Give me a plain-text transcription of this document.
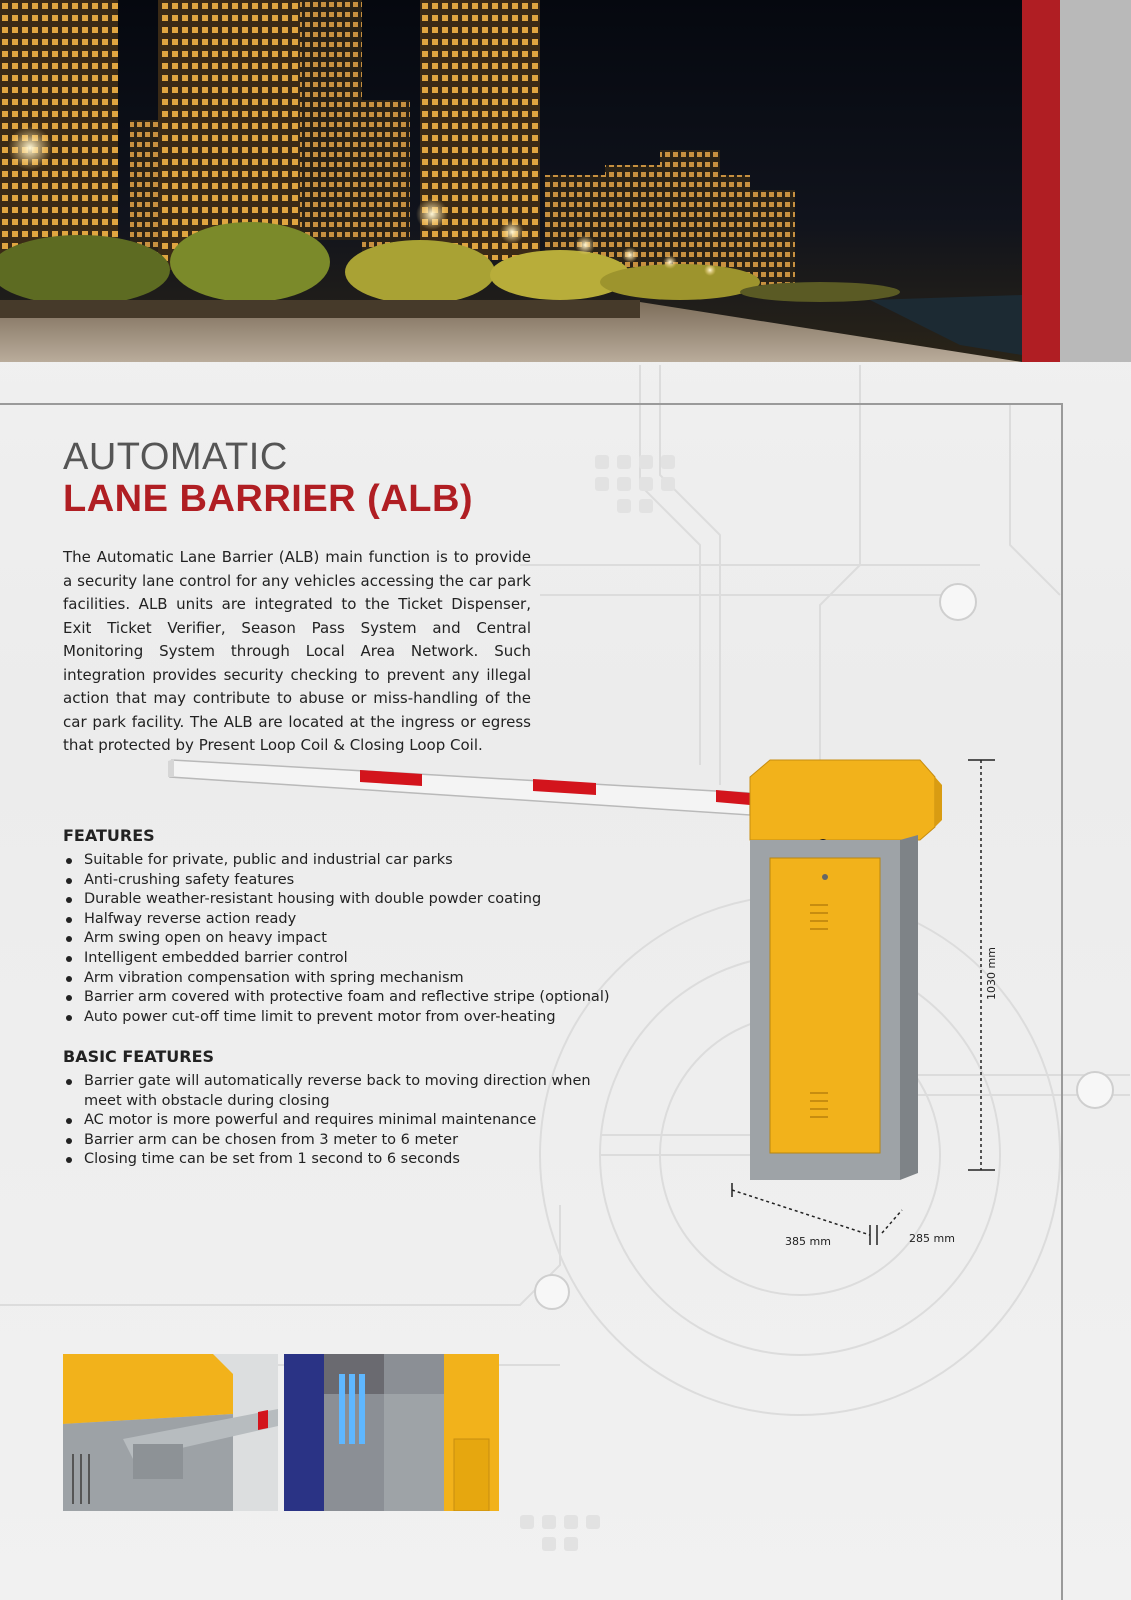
AUTOMATIC
LANE BARRIER (ALB)

The Automatic Lane Barrier (ALB) main function is to provide a security lane control for any vehicles accessing the car park facilities. ALB units are integrated to the Ticket Dispenser, Exit Ticket Verifier, Season Pass System and Central Monitoring System through Local Area Network. Such integration provides security checking to prevent any illegal action that may contribute to abuse or miss-handling of the car park facility. The ALB are located at the ingress or egress that protected by Present Loop Coil & Closing Loop Coil.

FEATURES
Suitable for private, public and industrial car parks
Anti-crushing safety features
Durable weather-resistant housing with double powder coating
Halfway reverse action ready
Arm swing open on heavy impact
Intelligent embedded barrier control
Arm vibration compensation with spring mechanism
Barrier arm covered with protective foam and reflective stripe (optional)
Auto power cut-off time limit to prevent motor from over-heating
BASIC FEATURES
Barrier gate will automatically reverse back to moving direction when meet with obstacle during closing
AC motor is more powerful and requires minimal maintenance
Barrier arm can be chosen from 3 meter to 6 meter
Closing time can be set from 1 second to 6 seconds
1030 mm
385 mm	285 mm
